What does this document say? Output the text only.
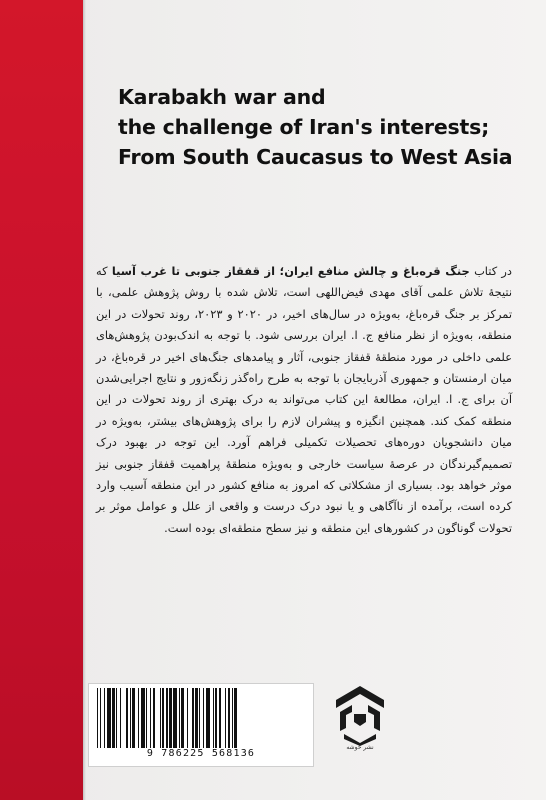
Karabakh war and
the challenge of Iran's interests;
From South Caucasus to West Asia

در کتاب جنگ قره‌باغ و چالش منافع ایران؛ از قفقاز جنوبی تا غرب آسیا که نتیجهٔ تلاش علمی آقای مهدی فیض‌اللهی است، تلاش شده با روش پژوهش علمی، با تمرکز بر جنگ قره‌باغ، به‌ویژه در سال‌های اخیر، در ۲۰۲۰ و ۲۰۲۳، روند تحولات در این منطقه، به‌ویژه از نظر منافع ج. ا. ایران بررسی شود. با توجه به اندک‌بودن پژوهش‌های علمی داخلی در مورد منطقهٔ قفقاز جنوبی، آثار و پیامدهای جنگ‌های اخیر در قره‌باغ، در میان ارمنستان و جمهوری آذربایجان با توجه به طرح راه‌گذر زنگه‌زور و نتایج اجرایی‌شدن آن برای ج. ا. ایران، مطالعهٔ این کتاب می‌تواند به درک بهتری از روند تحولات در این منطقه کمک کند. همچنین انگیزه و پیشران لازم را برای پژوهش‌های بیشتر، به‌ویژه در میان دانشجویان دوره‌های تحصیلات تکمیلی فراهم آورد. این توجه در بهبود درک تصمیم‌گیرندگان در عرصهٔ سیاست خارجی و به‌ویژه منطقهٔ پراهمیت قفقاز جنوبی نیز موثر خواهد بود. بسیاری از مشکلاتی که امروز به منافع کشور در این منطقه آسیب وارد کرده است، برآمده از ناآگاهی و یا نبود درک درست و واقعی از علل و عوامل موثر بر تحولات گوناگون در کشورهای این منطقه و نیز سطح منطقه‌ای بوده است.

9 786225 568136
نشر خوشه
